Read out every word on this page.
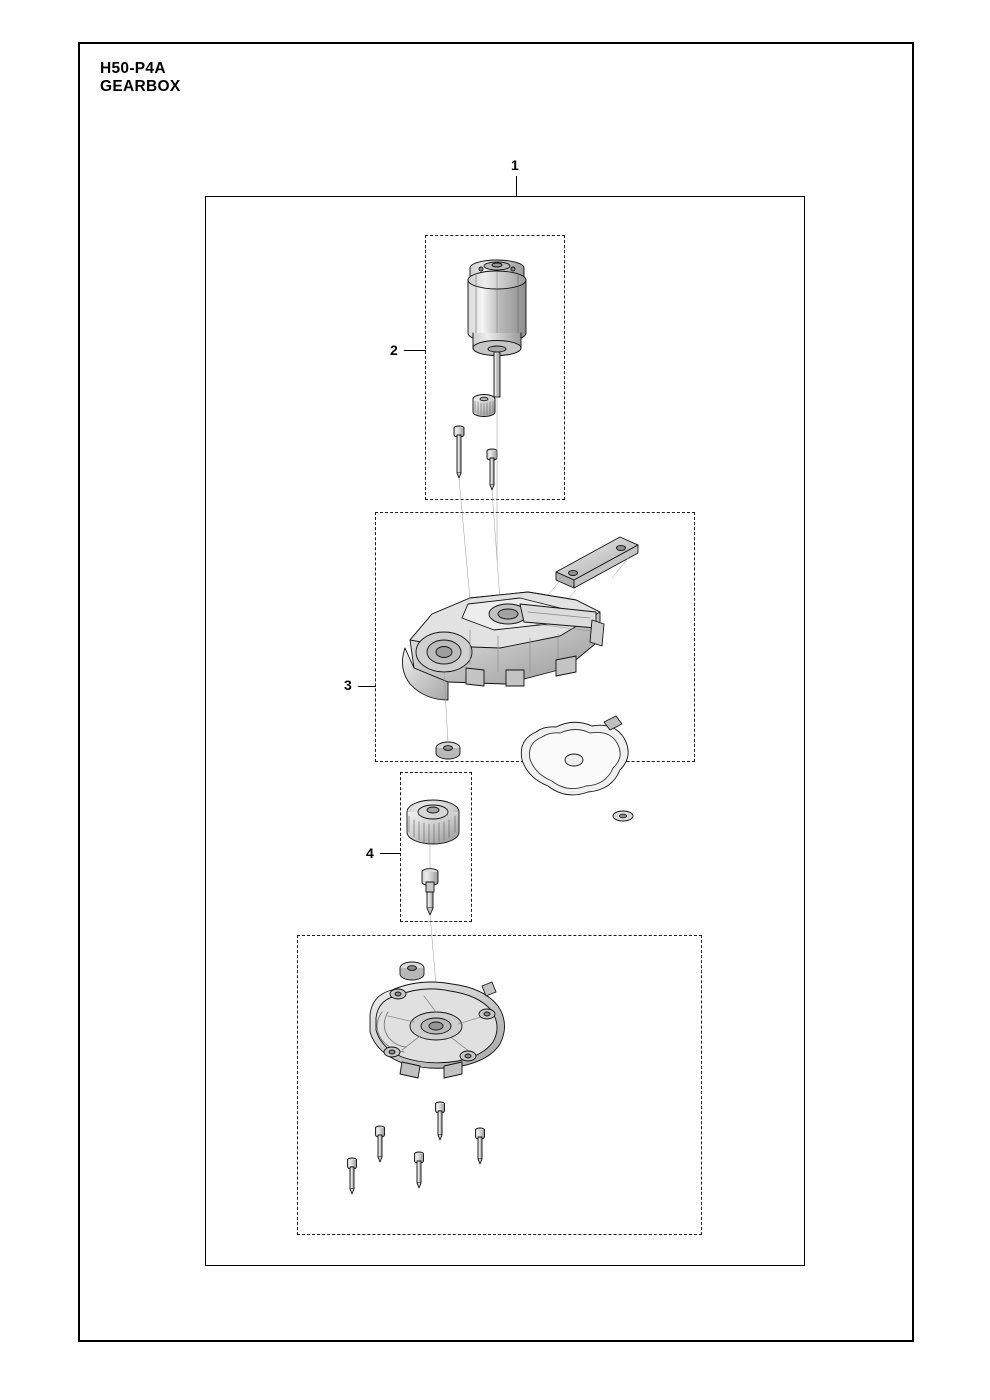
H50-P4A
GEARBOX
1
2
3
4
